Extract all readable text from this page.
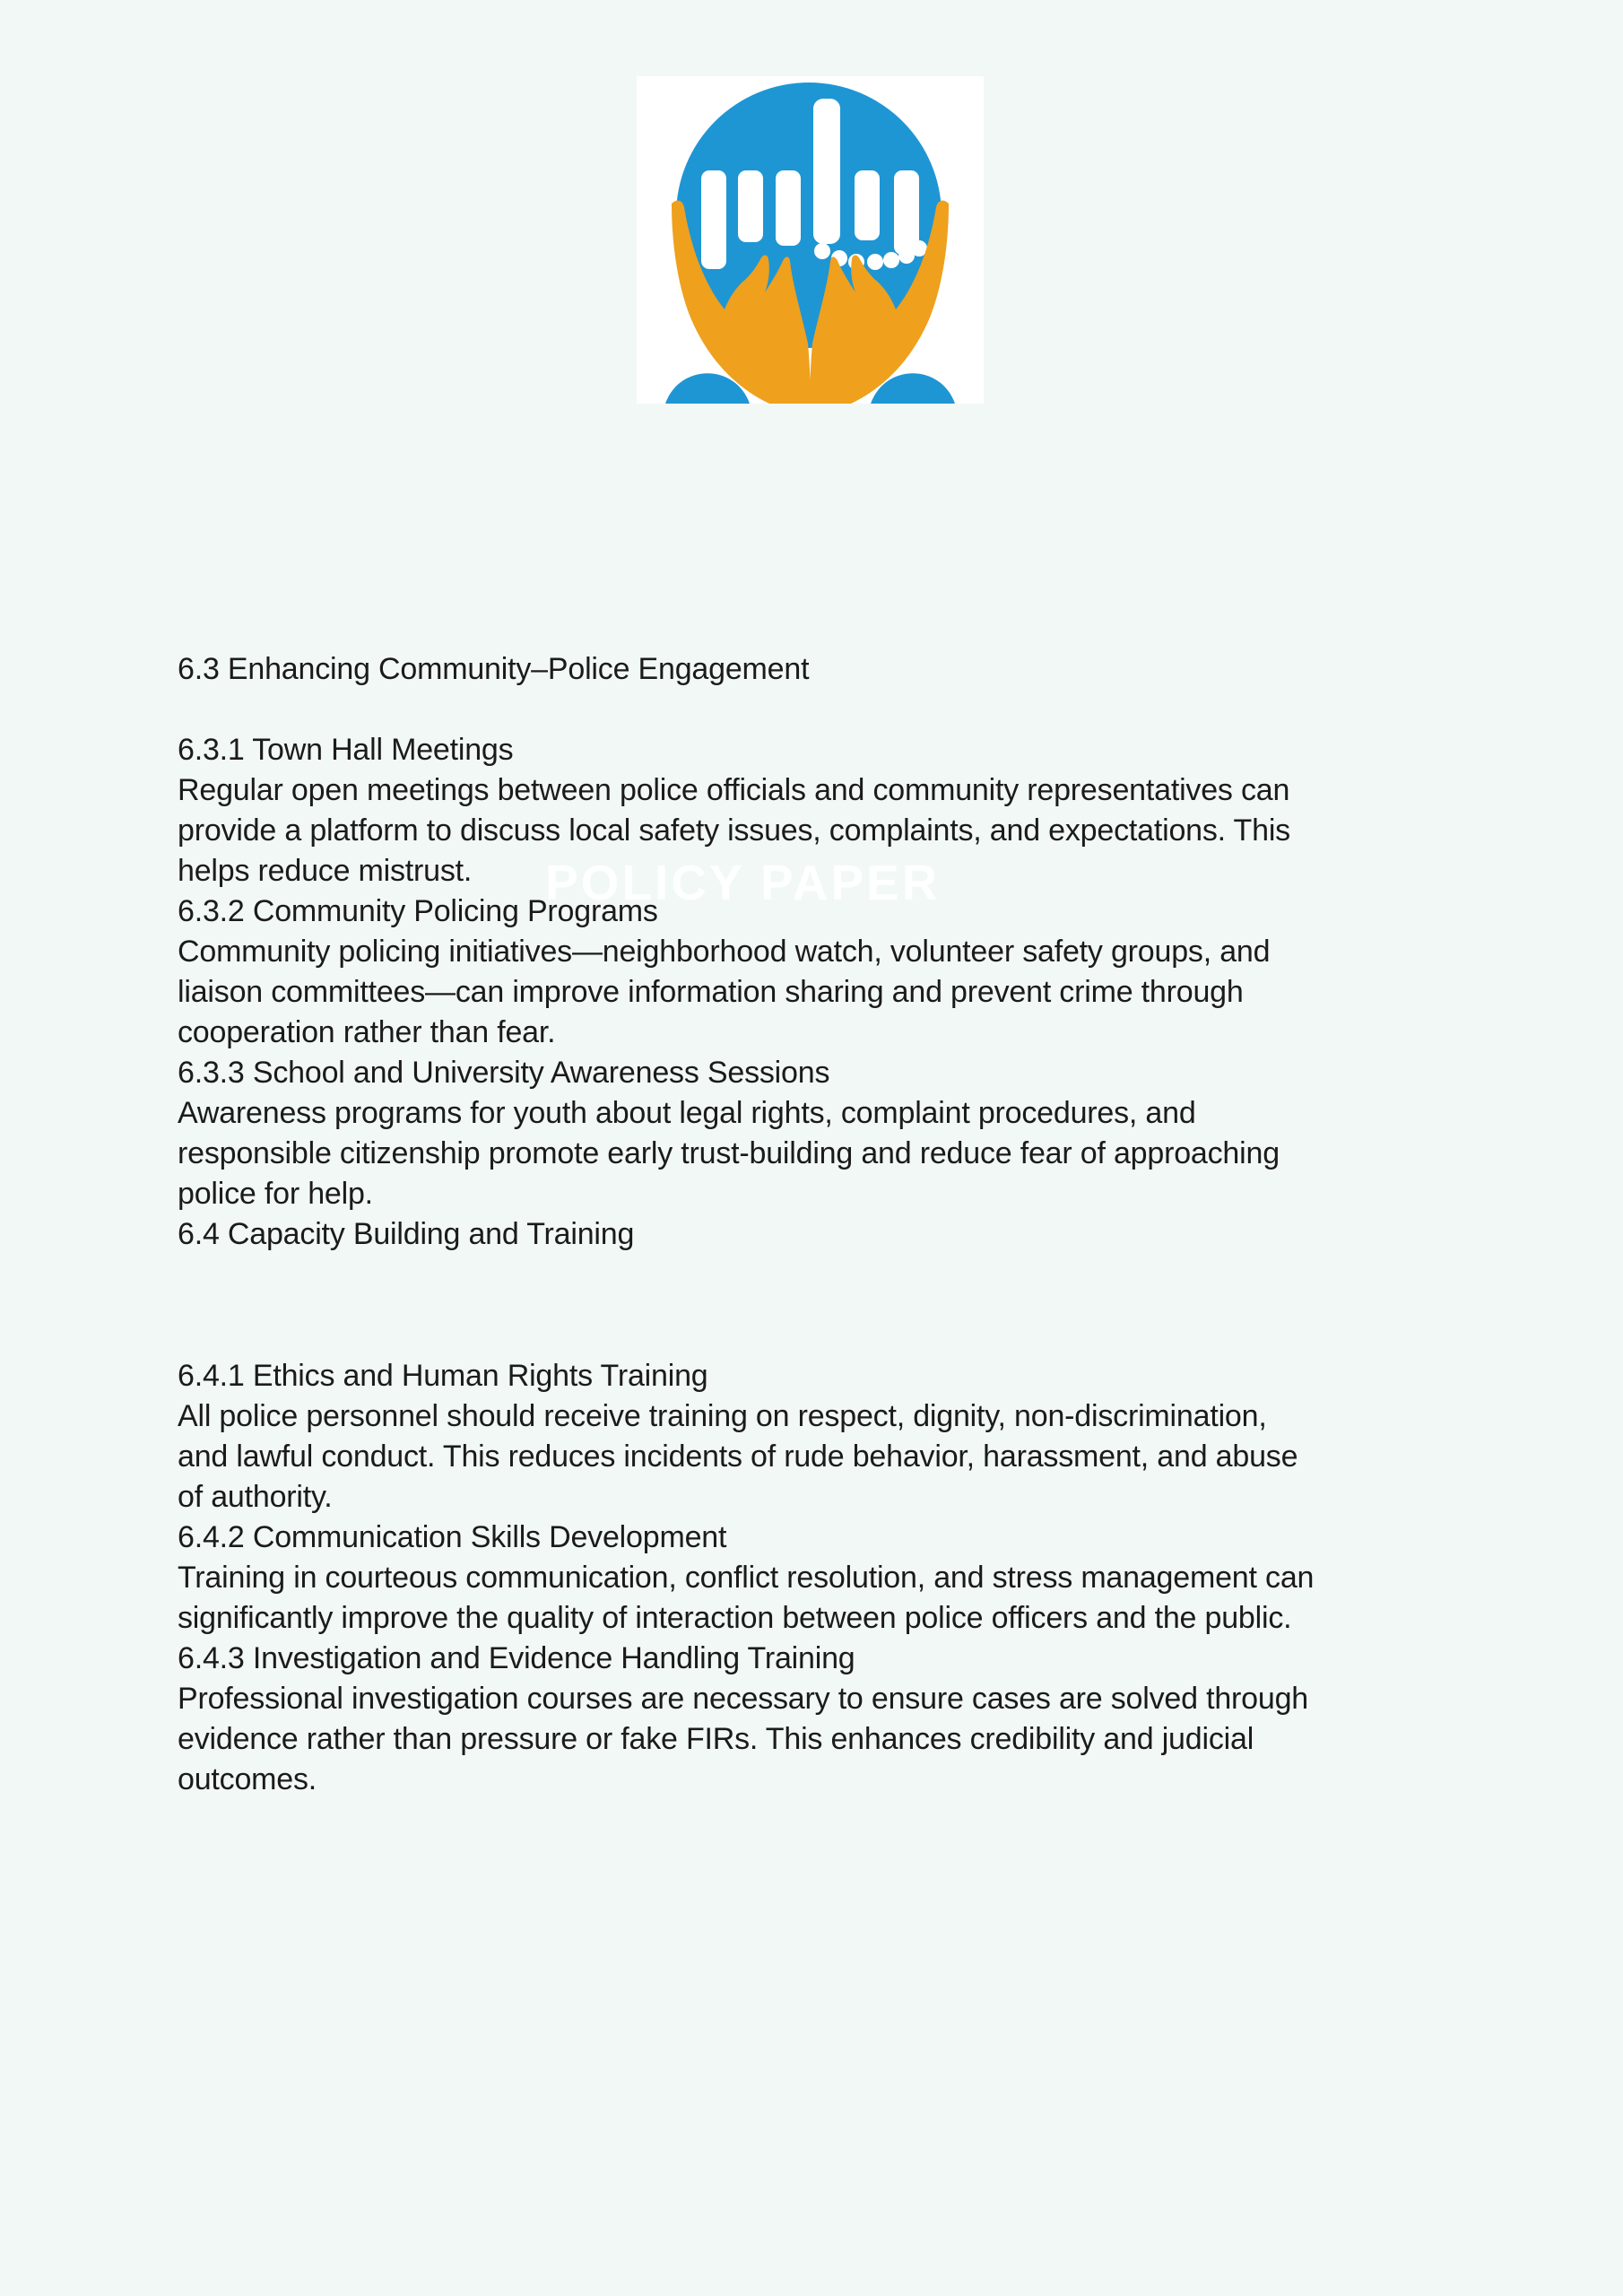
POLICY PAPER
6.3 Enhancing Community–Police Engagement

6.3.1 Town Hall Meetings
Regular open meetings between police officials and community representatives can
provide a platform to discuss local safety issues, complaints, and expectations. This
helps reduce mistrust.
6.3.2 Community Policing Programs
Community policing initiatives—neighborhood watch, volunteer safety groups, and
liaison committees—can improve information sharing and prevent crime through
cooperation rather than fear.
6.3.3 School and University Awareness Sessions
Awareness programs for youth about legal rights, complaint procedures, and
responsible citizenship promote early trust-building and reduce fear of approaching
police for help.
6.4 Capacity Building and Training
6.4.1 Ethics and Human Rights Training
All police personnel should receive training on respect, dignity, non-discrimination,
and lawful conduct. This reduces incidents of rude behavior, harassment, and abuse
of authority.
6.4.2 Communication Skills Development
Training in courteous communication, conflict resolution, and stress management can
significantly improve the quality of interaction between police officers and the public.
6.4.3 Investigation and Evidence Handling Training
Professional investigation courses are necessary to ensure cases are solved through
evidence rather than pressure or fake FIRs. This enhances credibility and judicial
outcomes.
